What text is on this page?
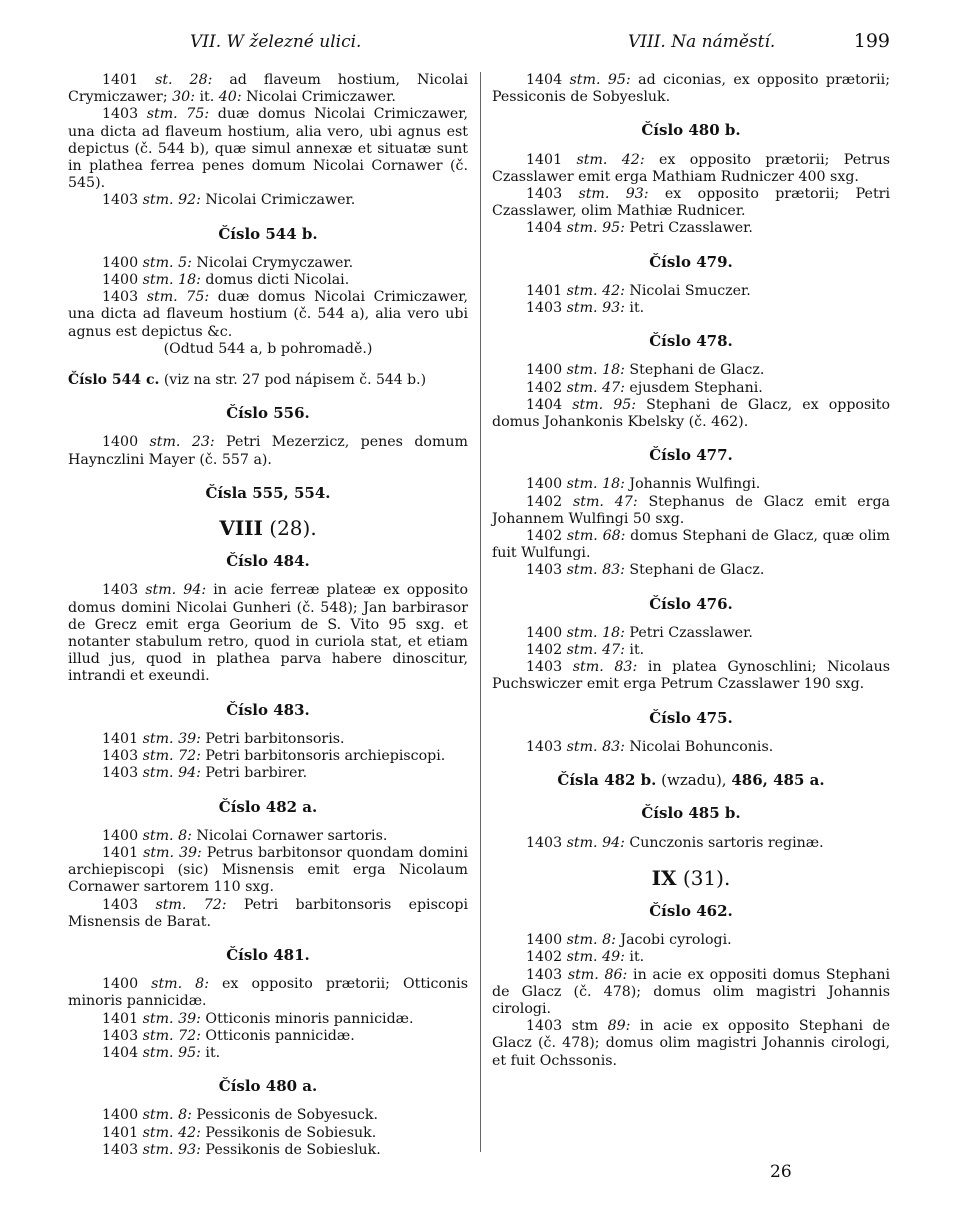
VII. W železné ulici.	VIII. Na náměstí.	199

1401 st. 28: ad flaveum hostium, Nicolai Crymiczawer; 30: it. 40: Nicolai Crimiczawer.

1403 stm. 75: duæ domus Nicolai Crimiczawer, una dicta ad flaveum hostium, alia vero, ubi agnus est depictus (č. 544 b), quæ simul annexæ et situatæ sunt in plathea ferrea penes domum Nicolai Cornawer (č. 545).

1403 stm. 92: Nicolai Crimiczawer.

Číslo 544 b.

1400 stm. 5: Nicolai Crymyczawer.

1400 stm. 18: domus dicti Nicolai.

1403 stm. 75: duæ domus Nicolai Crimiczawer, una dicta ad flaveum hostium (č. 544 a), alia vero ubi agnus est depictus &c.

(Odtud 544 a, b pohromadě.)

Číslo 544 c. (viz na str. 27 pod nápisem č. 544 b.)

Číslo 556.

1400 stm. 23: Petri Mezerzicz, penes domum Haynczlini Mayer (č. 557 a).

Čísla 555, 554.
VIII (28).
Číslo 484.

1403 stm. 94: in acie ferreæ plateæ ex opposito domus domini Nicolai Gunheri (č. 548); Jan barbirasor de Grecz emit erga Georium de S. Vito 95 sxg. et notanter stabulum retro, quod in curiola stat, et etiam illud jus, quod in plathea parva habere dinoscitur, intrandi et exeundi.

Číslo 483.

1401 stm. 39: Petri barbitonsoris.

1403 stm. 72: Petri barbitonsoris archiepiscopi.

1403 stm. 94: Petri barbirer.

Číslo 482 a.

1400 stm. 8: Nicolai Cornawer sartoris.

1401 stm. 39: Petrus barbitonsor quondam domini archiepiscopi (sic) Misnensis emit erga Nicolaum Cornawer sartorem 110 sxg.

1403 stm. 72: Petri barbitonsoris episcopi Misnensis de Barat.

Číslo 481.

1400 stm. 8: ex opposito prætorii; Otticonis minoris pannicidæ.

1401 stm. 39: Otticonis minoris pannicidæ.

1403 stm. 72: Otticonis pannicidæ.

1404 stm. 95: it.

Číslo 480 a.

1400 stm. 8: Pessiconis de Sobyesuck.

1401 stm. 42: Pessikonis de Sobiesuk.

1403 stm. 93: Pessikonis de Sobiesluk.

1404 stm. 95: ad ciconias, ex opposito prætorii; Pessiconis de Sobyesluk.

Číslo 480 b.

1401 stm. 42: ex opposito prætorii; Petrus Czasslawer emit erga Mathiam Rudniczer 400 sxg.

1403 stm. 93: ex opposito prætorii; Petri Czasslawer, olim Mathiæ Rudnicer.

1404 stm. 95: Petri Czasslawer.

Číslo 479.

1401 stm. 42: Nicolai Smuczer.

1403 stm. 93: it.

Číslo 478.

1400 stm. 18: Stephani de Glacz.

1402 stm. 47: ejusdem Stephani.

1404 stm. 95: Stephani de Glacz, ex opposito domus Johankonis Kbelsky (č. 462).

Číslo 477.

1400 stm. 18: Johannis Wulfingi.

1402 stm. 47: Stephanus de Glacz emit erga Johannem Wulfingi 50 sxg.

1402 stm. 68: domus Stephani de Glacz, quæ olim fuit Wulfungi.

1403 stm. 83: Stephani de Glacz.

Číslo 476.

1400 stm. 18: Petri Czasslawer.

1402 stm. 47: it.

1403 stm. 83: in platea Gynoschlini; Nicolaus Puchswiczer emit erga Petrum Czasslawer 190 sxg.

Číslo 475.

1403 stm. 83: Nicolai Bohunconis.

Čísla 482 b. (wzadu), 486, 485 a.
Číslo 485 b.

1403 stm. 94: Cunczonis sartoris reginæ.

IX (31).
Číslo 462.

1400 stm. 8: Jacobi cyrologi.

1402 stm. 49: it.

1403 stm. 86: in acie ex oppositi domus Stephani de Glacz (č. 478); domus olim magistri Johannis cirologi.

1403 stm 89: in acie ex opposito Stephani de Glacz (č. 478); domus olim magistri Johannis cirologi, et fuit Ochssonis.

26
